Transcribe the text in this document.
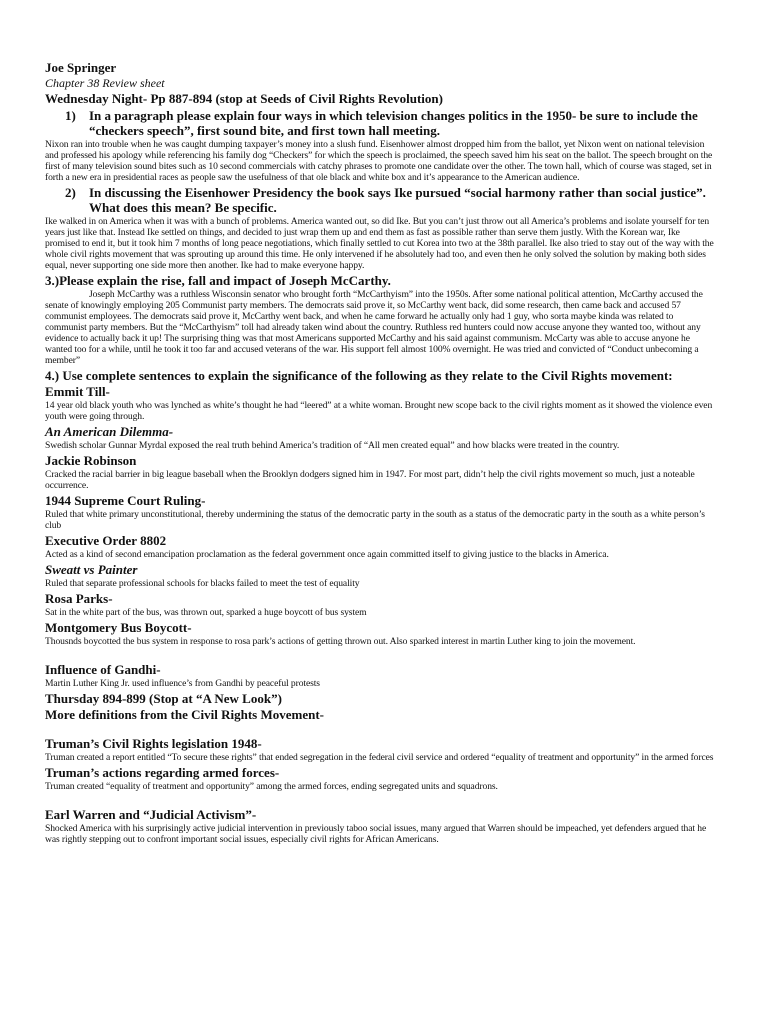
Joe Springer

Chapter 38 Review sheet

Wednesday Night- Pp 887-894 (stop at Seeds of Civil Rights Revolution)

1)	In a paragraph please explain four ways in which television changes politics in the 1950- be sure to include the “checkers speech”, first sound bite, and first town hall meeting.

Nixon ran into trouble when he was caught dumping taxpayer’s money into a slush fund. Eisenhower almost dropped him from the ballot, yet Nixon went on national television and professed his apology while referencing his family dog “Checkers” for which the speech is proclaimed, the speech saved him his seat on the ballot. The speech brought on the first of many television sound bites such as 10 second commercials with catchy phrases to promote one candidate over the other. The town hall, which of course was staged, set in forth a new era in presidential races as people saw the usefulness of that ole black and white box and it’s appearance to the American audience.

2)	In discussing the Eisenhower Presidency the book says Ike pursued “social harmony rather than social justice”. What does this mean? Be specific.

Ike walked in on America when it was with a bunch of problems. America wanted out, so did Ike. But you can’t just throw out all America’s problems and isolate yourself for ten years just like that. Instead Ike settled on things, and decided to just wrap them up and end them as fast as possible rather than serve them justly. With the Korean war, Ike promised to end it, but it took him 7 months of long peace negotiations, which finally settled to cut Korea into two at the 38th parallel. Ike also tried to stay out of the way with the whole civil rights movement that was sprouting up around this time. He only intervened if he absolutely had too, and even then he only solved the solution by making both sides equal, never supporting one side more then another. Ike had to make everyone happy.

3.)Please explain the rise, fall and impact of Joseph McCarthy.

Joseph McCarthy was a ruthless Wisconsin senator who brought forth “McCarthyism” into the 1950s. After some national political attention, McCarthy accused the senate of knowingly employing 205 Communist party members. The democrats said prove it, so McCarthy went back, did some research, then came back and accused 57 communist employees. The democrats said prove it, McCarthy went back, and when he came forward he actually only had 1 guy, who sorta maybe kinda was related to communist party members. But the “McCarthyism” toll had already taken wind about the country. Ruthless red hunters could now accuse anyone they wanted too, without any evidence to actually back it up! The surprising thing was that most Americans supported McCarthy and his said against communism. McCarty was able to accuse anyone he wanted too for a while, until he took it too far and accused veterans of the war. His support fell almost 100% overnight. He was tried and convicted of “Conduct unbecoming a member”

4.) Use complete sentences to explain the significance of the following as they relate to the Civil Rights movement:

Emmit Till-

14 year old black youth who was lynched as white’s thought he had “leered” at a white woman. Brought new scope back to the civil rights moment as it showed the violence even youth were going through.

An American Dilemma-

Swedish scholar Gunnar Myrdal exposed the real truth behind America’s tradition of “All men created equal” and how blacks were treated in the country.

Jackie Robinson

Cracked the racial barrier in big league baseball when the Brooklyn dodgers signed him in 1947. For most part, didn’t help the civil rights movement so much, just a noteable occurrence.

1944 Supreme Court Ruling-

Ruled that white primary unconstitutional, thereby undermining the status of the democratic party in the south as a status of the democratic party in the south as a white person’s club

Executive Order 8802

Acted as a kind of second emancipation proclamation as the federal government once again committed itself to giving justice to the blacks in America.

Sweatt vs Painter

Ruled that separate professional schools for blacks failed to meet the test of equality

Rosa Parks-

Sat in the white part of the bus, was thrown out, sparked a huge boycott of bus system

Montgomery Bus Boycott-

Thousnds boycotted the bus system in response to rosa park’s actions of getting thrown out. Also sparked interest in martin Luther king to join the movement.

Influence of Gandhi-

Martin Luther King Jr. used influence’s from Gandhi by peaceful protests

Thursday 894-899 (Stop at “A New Look”)

More definitions from the Civil Rights Movement-

Truman’s Civil Rights legislation 1948-

Truman created a report entitled “To secure these rights” that ended segregation in the federal civil service and ordered “equality of treatment and opportunity” in the armed forces

Truman’s actions regarding armed forces-

Truman created “equality of treatment and opportunity” among the armed forces, ending segregated units and squadrons.

Earl Warren and “Judicial Activism”-

Shocked America with his surprisingly active judicial intervention in previously taboo social issues, many argued that Warren should be impeached, yet defenders argued that he was rightly stepping out to confront important social issues, especially civil rights for African Americans.
